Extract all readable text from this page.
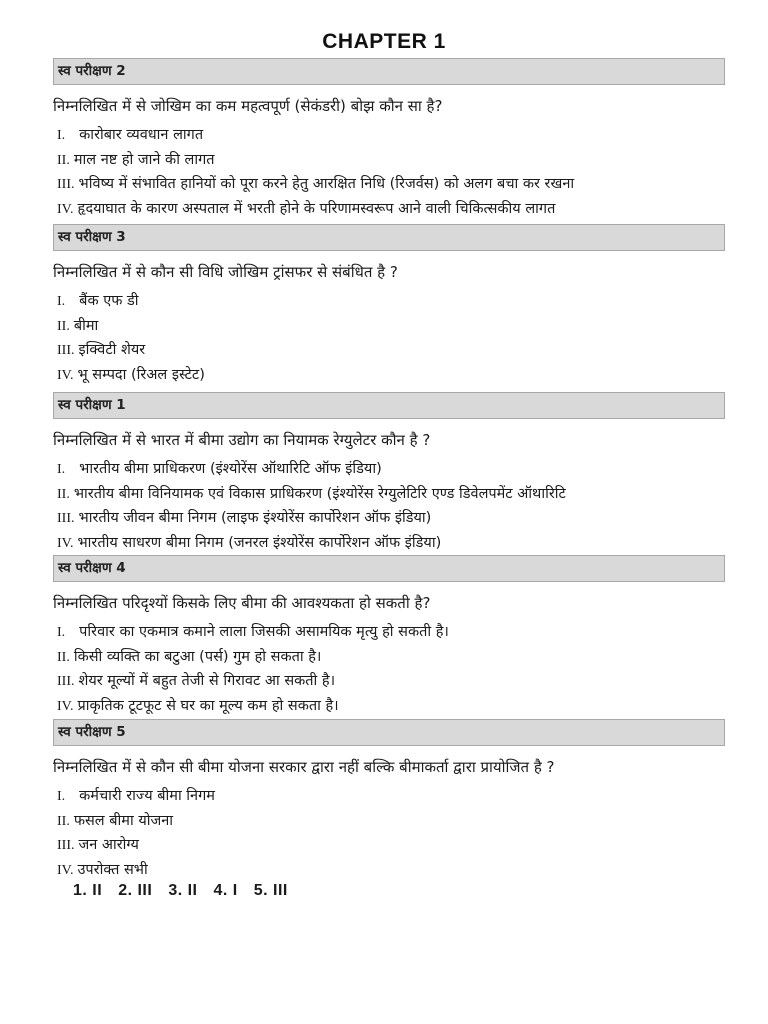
CHAPTER 1
स्व परीक्षण 2
निम्नलिखित में से जोखिम का कम महत्वपूर्ण (सेकंडरी) बोझ कौन सा है?
I. कारोबार व्यवधान लागत
II. माल नष्ट हो जाने की लागत
III. भविष्य में संभावित हानियों को पूरा करने हेतु आरक्षित निधि (रिजर्वस) को अलग बचा कर रखना
IV. हृदयाघात के कारण अस्पताल में भरती होने के परिणामस्वरूप आने वाली चिकित्सकीय लागत
स्व परीक्षण 3
निम्नलिखित में से कौन सी विधि जोखिम ट्रांसफर से संबंधित है ?
I. बैंक एफ डी
II. बीमा
III. इक्विटी शेयर
IV. भू सम्पदा (रिअल इस्टेट)
स्व परीक्षण 1
निम्नलिखित में से भारत में बीमा उद्योग का नियामक रेग्युलेटर कौन है ?
I. भारतीय बीमा प्राधिकरण (इंश्योरेंस ऑथारिटि ऑफ इंडिया)
II. भारतीय बीमा विनियामक एवं विकास प्राधिकरण (इंश्योरेंस रेग्युलेटिरि एण्ड डिवेलपमेंट ऑथारिटि
III. भारतीय जीवन बीमा निगम (लाइफ इंश्योरेंस कार्पोरेशन ऑफ इंडिया)
IV. भारतीय साधरण बीमा निगम (जनरल इंश्योरेंस कार्पोरेशन ऑफ इंडिया)
स्व परीक्षण 4
निम्नलिखित परिदृश्यों किसके लिए बीमा की आवश्यकता हो सकती है?
I. परिवार का एकमात्र कमाने लाला जिसकी असामयिक मृत्यु हो सकती है।
II. किसी व्यक्ति का बटुआ (पर्स) गुम हो सकता है।
III. शेयर मूल्यों में बहुत तेजी से गिरावट आ सकती है।
IV. प्राकृतिक टूटफूट से घर का मूल्य कम हो सकता है।
स्व परीक्षण 5
निम्नलिखित में से कौन सी बीमा योजना सरकार द्वारा नहीं बल्कि बीमाकर्ता द्वारा प्रायोजित है ?
I. कर्मचारी राज्य बीमा निगम
II. फसल बीमा योजना
III. जन आरोग्य
IV. उपरोक्त सभी
1. II 2. III 3. II 4. I 5. III
